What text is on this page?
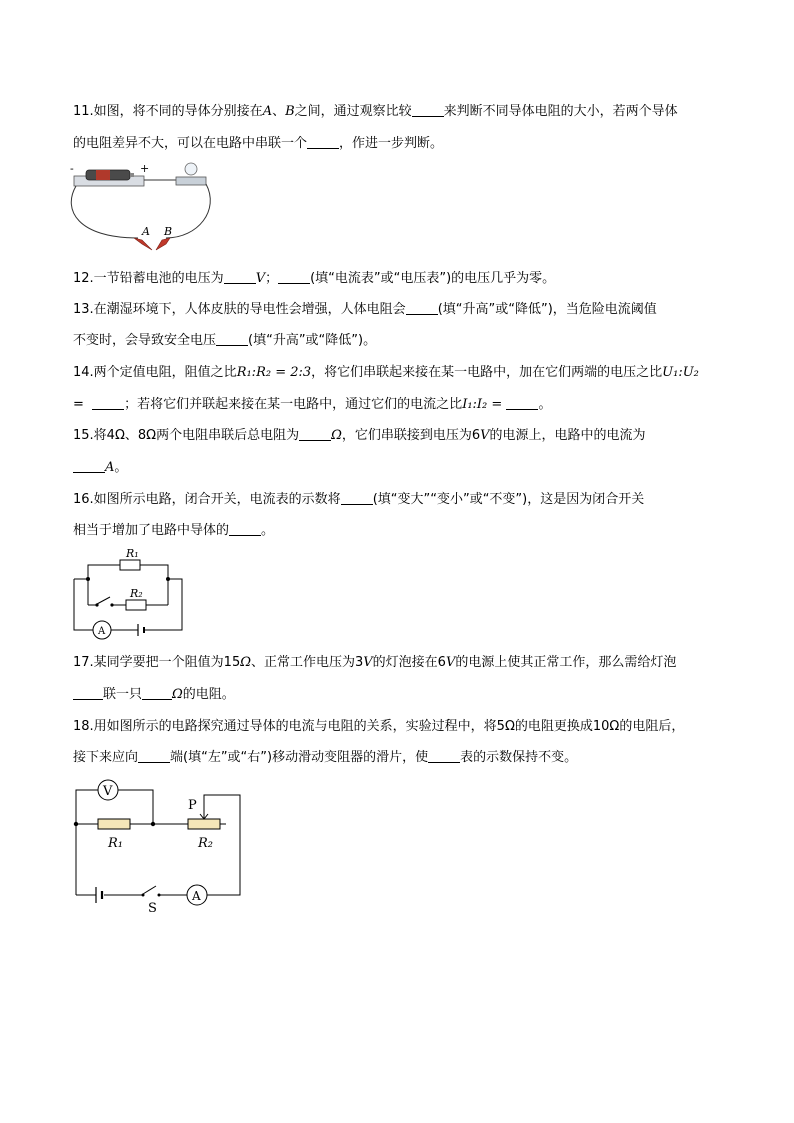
11.如图，将不同的导体分别接在A、B之间，通过观察比较 来判断不同导体电阻的大小，若两个导体
的电阻差异不大，可以在电路中串联一个 ，作进一步判断。
-	+
A B
12.一节铅蓄电池的电压为 V； (填“电流表”或“电压表”)的电压几乎为零。
13.在潮湿环境下，人体皮肤的导电性会增强，人体电阻会 (填“升高”或“降低”)，当危险电流阈值
不变时，会导致安全电压 (填“升高”或“降低”)。
14.两个定值电阻，阻值之比R₁:R₂ = 2:3，将它们串联起来接在某一电路中，加在它们两端的电压之比U₁:U₂
=	；若将它们并联起来接在某一电路中，通过它们的电流之比I₁:I₂ =	。
15.将4Ω、8Ω两个电阻串联后总电阻为 Ω，它们串联接到电压为6V的电源上，电路中的电流为
A。
16.如图所示电路，闭合开关，电流表的示数将 (填“变大”“变小”或“不变”)，这是因为闭合开关
相当于增加了电路中导体的 。
R₁
R₂
A
17.某同学要把一个阻值为15Ω、正常工作电压为3V的灯泡接在6V的电源上使其正常工作，那么需给灯泡
联一只 Ω的电阻。
18.用如图所示的电路探究通过导体的电流与电阻的关系，实验过程中，将5Ω的电阻更换成10Ω的电阻后，
接下来应向 端(填“左”或“右”)移动滑动变阻器的滑片，使 表的示数保持不变。
V
A
P
R₁	R₂
S
